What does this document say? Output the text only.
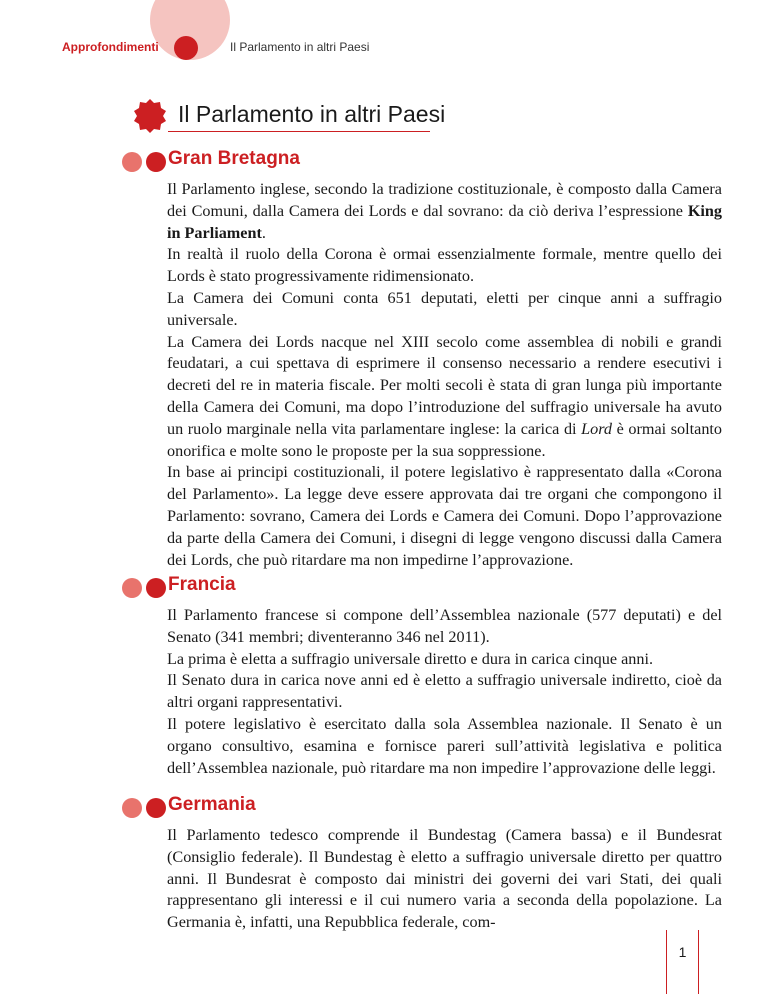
Approfondimenti	Il Parlamento in altri Paesi
Il Parlamento in altri Paesi
Gran Bretagna

Il Parlamento inglese, secondo la tradizione costituzionale, è composto dalla Camera dei Comuni, dalla Camera dei Lords e dal sovrano: da ciò deriva l’espressione King in Parliament.

In realtà il ruolo della Corona è ormai essenzialmente formale, mentre quello dei Lords è stato progressivamente ridimensionato.

La Camera dei Comuni conta 651 deputati, eletti per cinque anni a suffragio universale.

La Camera dei Lords nacque nel XIII secolo come assemblea di nobili e grandi feudatari, a cui spettava di esprimere il consenso necessario a rendere esecutivi i decreti del re in materia fiscale. Per molti secoli è stata di gran lunga più importante della Camera dei Comuni, ma dopo l’introduzione del suffragio universale ha avuto un ruolo marginale nella vita parlamentare inglese: la carica di Lord è ormai soltanto onorifica e molte sono le proposte per la sua soppressione.

In base ai principi costituzionali, il potere legislativo è rappresentato dalla «Corona del Parlamento». La legge deve essere approvata dai tre organi che compongono il Parlamento: sovrano, Camera dei Lords e Camera dei Comuni. Dopo l’approvazione da parte della Camera dei Comuni, i disegni di legge vengono discussi dalla Camera dei Lords, che può ritardare ma non impedirne l’approvazione.

Francia

Il Parlamento francese si compone dell’Assemblea nazionale (577 deputati) e del Senato (341 membri; diventeranno 346 nel 2011).

La prima è eletta a suffragio universale diretto e dura in carica cinque anni.

Il Senato dura in carica nove anni ed è eletto a suffragio universale indiretto, cioè da altri organi rappresentativi.

Il potere legislativo è esercitato dalla sola Assemblea nazionale. Il Senato è un organo consultivo, esamina e fornisce pareri sull’attività legislativa e politica dell’Assemblea nazionale, può ritardare ma non impedire l’approvazione delle leggi.

Germania

Il Parlamento tedesco comprende il Bundestag (Camera bassa) e il Bundesrat (Consiglio federale). Il Bundestag è eletto a suffragio universale diretto per quattro anni. Il Bundesrat è composto dai ministri dei governi dei vari Stati, dei quali rappresentano gli interessi e il cui numero varia a seconda della popolazione. La Germania è, infatti, una Repubblica federale, com-

1
